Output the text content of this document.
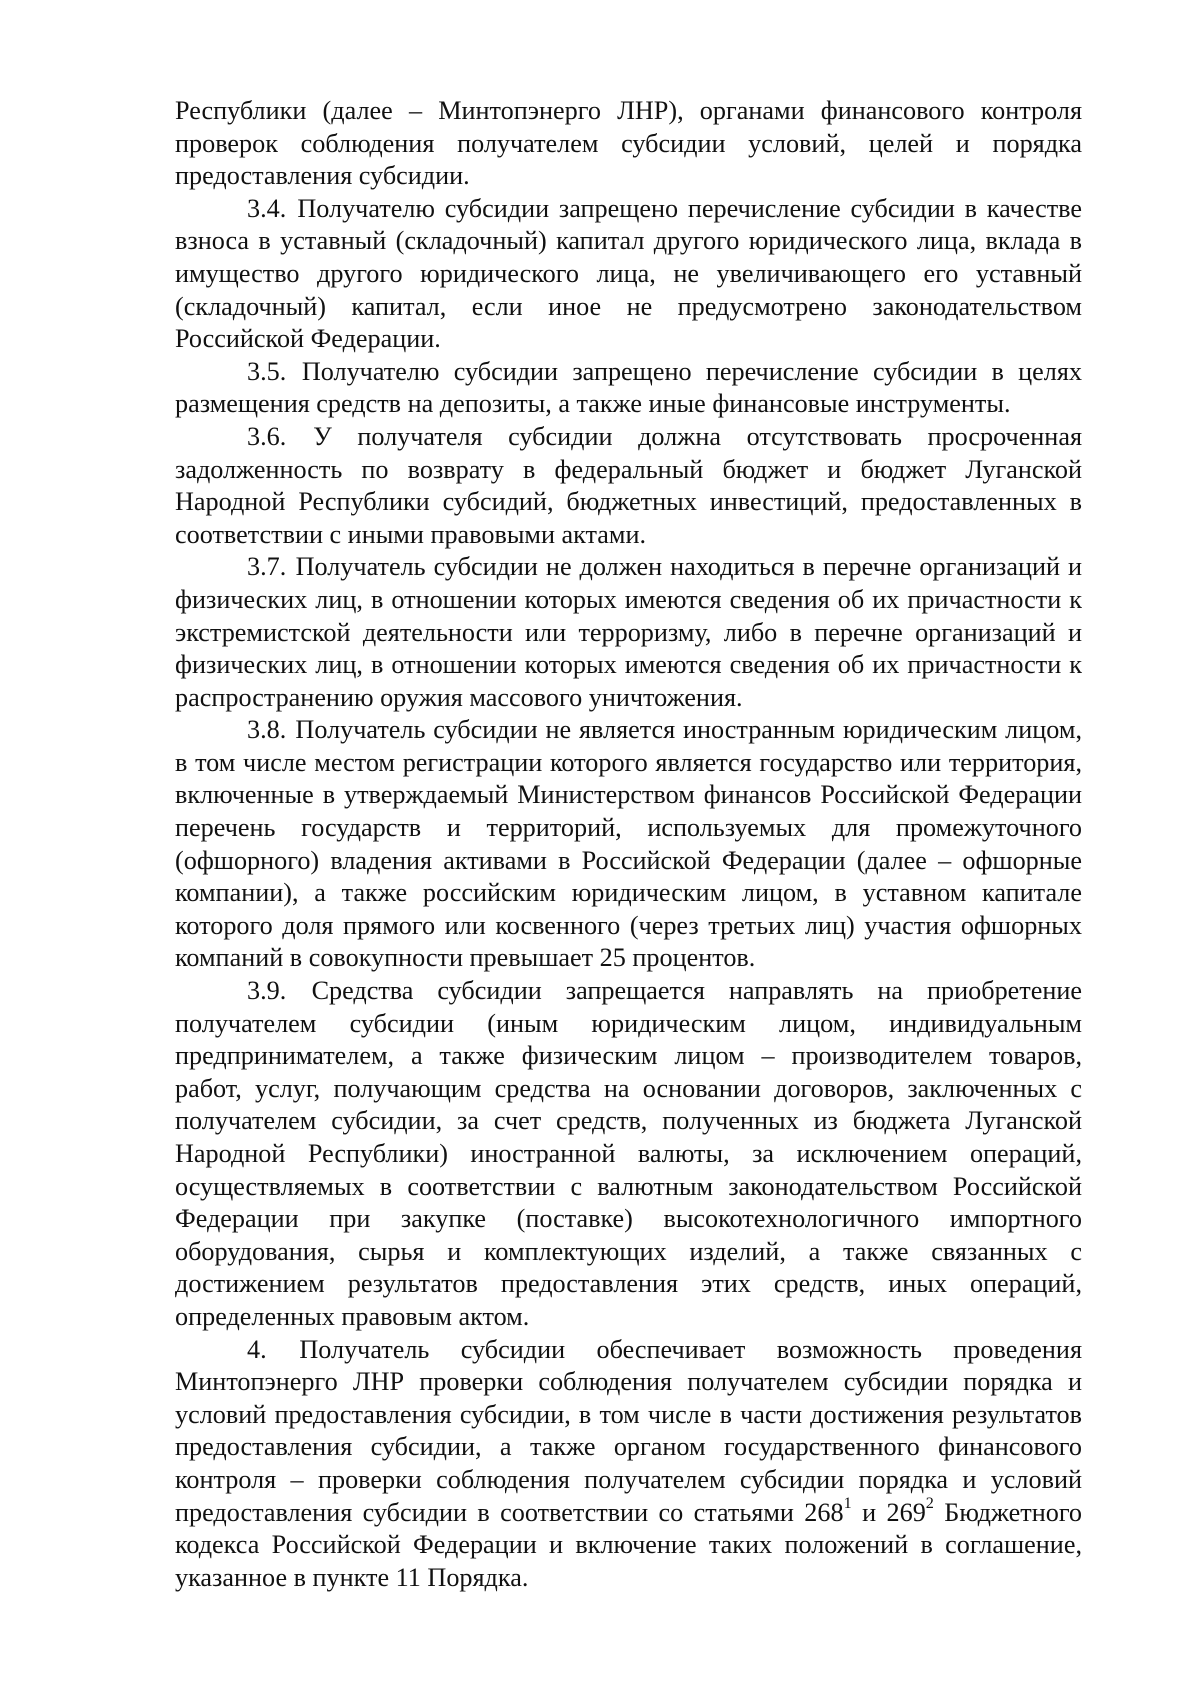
Республики (далее – Минтопэнерго ЛНР), органами финансового контроля проверок соблюдения получателем субсидии условий, целей и порядка предоставления субсидии.

3.4. Получателю субсидии запрещено перечисление субсидии в качестве взноса в уставный (складочный) капитал другого юридического лица, вклада в имущество другого юридического лица, не увеличивающего его уставный (складочный) капитал, если иное не предусмотрено законодательством Российской Федерации.

3.5. Получателю субсидии запрещено перечисление субсидии в целях размещения средств на депозиты, а также иные финансовые инструменты.

3.6. У получателя субсидии должна отсутствовать просроченная задолженность по возврату в федеральный бюджет и бюджет Луганской Народной Республики субсидий, бюджетных инвестиций, предоставленных в соответствии с иными правовыми актами.

3.7. Получатель субсидии не должен находиться в перечне организаций и физических лиц, в отношении которых имеются сведения об их причастности к экстремистской деятельности или терроризму, либо в перечне организаций и физических лиц, в отношении которых имеются сведения об их причастности к распространению оружия массового уничтожения.

3.8. Получатель субсидии не является иностранным юридическим лицом, в том числе местом регистрации которого является государство или территория, включенные в утверждаемый Министерством финансов Российской Федерации перечень государств и территорий, используемых для промежуточного (офшорного) владения активами в Российской Федерации (далее – офшорные компании), а также российским юридическим лицом, в уставном капитале которого доля прямого или косвенного (через третьих лиц) участия офшорных компаний в совокупности превышает 25 процентов.

3.9. Средства субсидии запрещается направлять на приобретение получателем субсидии (иным юридическим лицом, индивидуальным предпринимателем, а также физическим лицом – производителем товаров, работ, услуг, получающим средства на основании договоров, заключенных с получателем субсидии, за счет средств, полученных из бюджета Луганской Народной Республики) иностранной валюты, за исключением операций, осуществляемых в соответствии с валютным законодательством Российской Федерации при закупке (поставке) высокотехнологичного импортного оборудования, сырья и комплектующих изделий, а также связанных с достижением результатов предоставления этих средств, иных операций, определенных правовым актом.

4. Получатель субсидии обеспечивает возможность проведения Минтопэнерго ЛНР проверки соблюдения получателем субсидии порядка и условий предоставления субсидии, в том числе в части достижения результатов предоставления субсидии, а также органом государственного финансового контроля – проверки соблюдения получателем субсидии порядка и условий предоставления субсидии в соответствии со статьями $268^1$ и $269^2$ Бюджетного кодекса Российской Федерации и включение таких положений в соглашение, указанное в пункте 11 Порядка.
